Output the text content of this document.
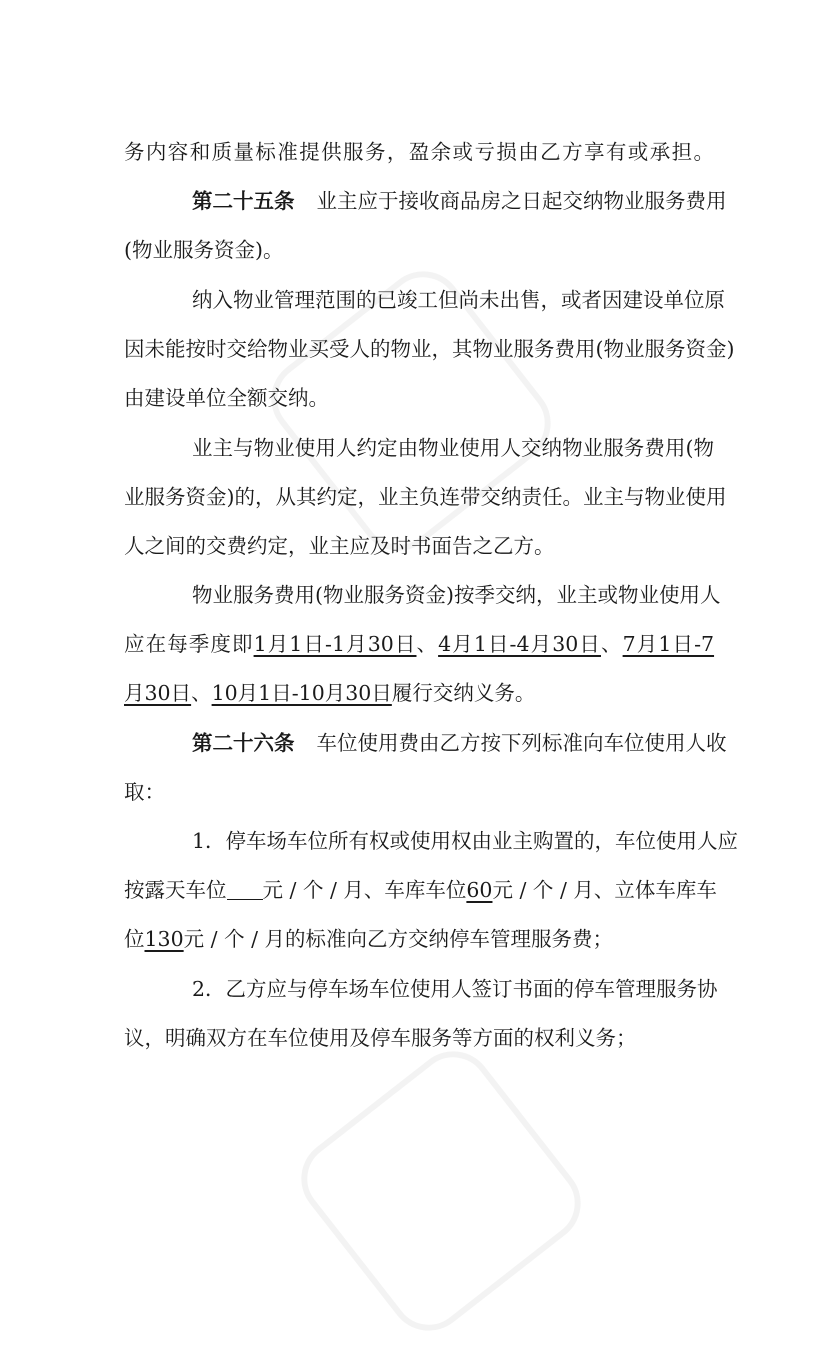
务内容和质量标准提供服务，盈余或亏损由乙方享有或承担。
第二十五条 业主应于接收商品房之日起交纳物业服务费用
(物业服务资金)。
纳入物业管理范围的已竣工但尚未出售，或者因建设单位原
因未能按时交给物业买受人的物业，其物业服务费用(物业服务资金)
由建设单位全额交纳。
业主与物业使用人约定由物业使用人交纳物业服务费用(物
业服务资金)的，从其约定，业主负连带交纳责任。业主与物业使用
人之间的交费约定，业主应及时书面告之乙方。
物业服务费用(物业服务资金)按季交纳，业主或物业使用人
应在每季度即1月1日-1月30日、4月1日-4月30日、7月1日-7
月30日、10月1日-10月30日履行交纳义务。
第二十六条 车位使用费由乙方按下列标准向车位使用人收
取：
1．停车场车位所有权或使用权由业主购置的，车位使用人应
按露天车位 元 / 个 / 月、车库车位60元 / 个 / 月、立体车库车
位130元 / 个 / 月的标准向乙方交纳停车管理服务费；
2．乙方应与停车场车位使用人签订书面的停车管理服务协
议，明确双方在车位使用及停车服务等方面的权利义务；
